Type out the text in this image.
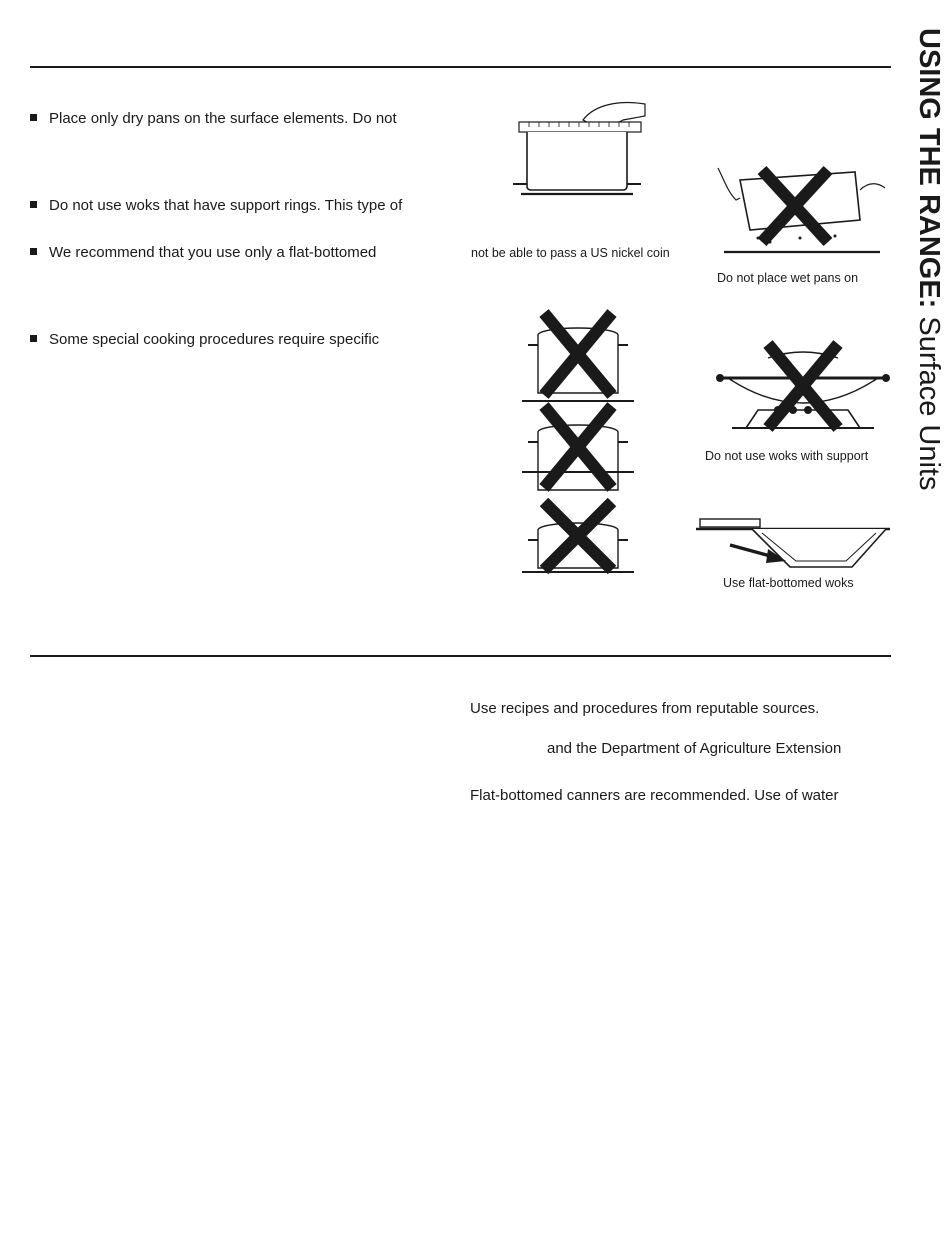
USING THE RANGE: Surface Units
Place only dry pans on the surface elements. Do not
Do not use woks that have support rings. This type of
We recommend that you use only a flat-bottomed
Some special cooking procedures require specific
not be able to pass a US nickel coin
Do not place wet pans on
Do not use woks with support
Use flat-bottomed woks
Use recipes and procedures from reputable sources.
and the Department of Agriculture Extension
Flat-bottomed canners are recommended. Use of water
